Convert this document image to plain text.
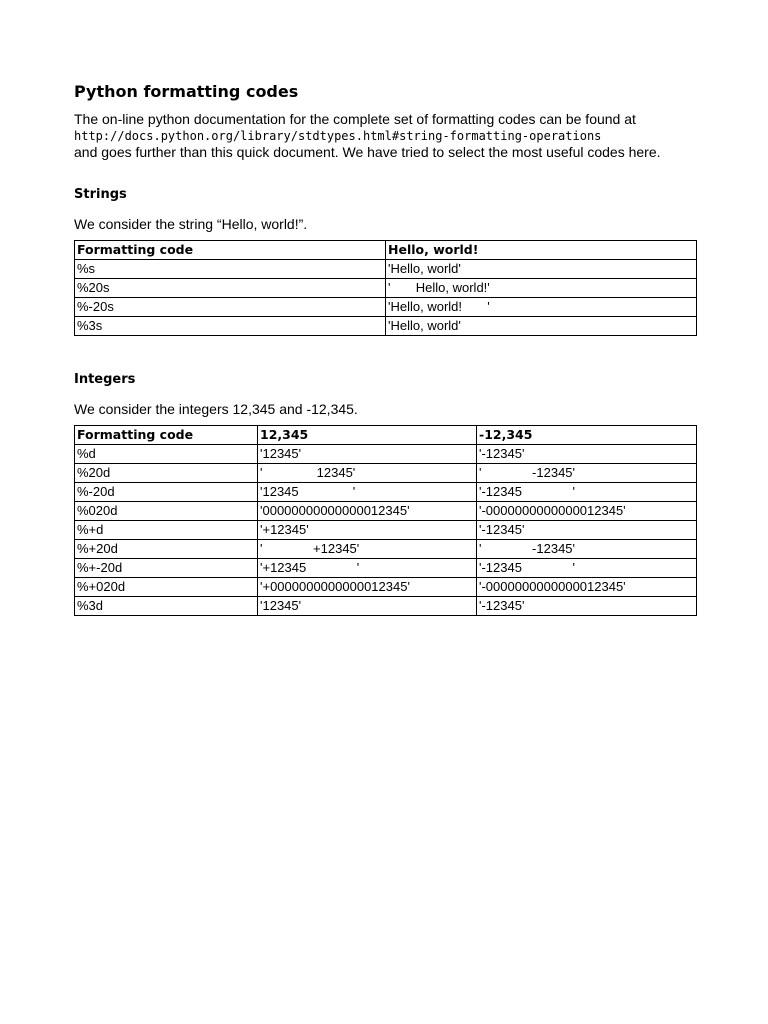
Python formatting codes

The on-line python documentation for the complete set of formatting codes can be found at

http://docs.python.org/library/stdtypes.html#string-formatting-operations

and goes further than this quick document. We have tried to select the most useful codes here.

Strings

We consider the string “Hello, world!”.

Formatting code	Hello, world!
%s	'Hello, world'
%20s	'       Hello, world!'
%-20s	'Hello, world!       '
%3s	'Hello, world'
Integers

We consider the integers 12,345 and -12,345.

Formatting code	12,345	-12,345
%d	'12345'	'-12345'
%20d	'               12345'	'              -12345'
%-20d	'12345               '	'-12345              '
%020d	'00000000000000012345'	'-0000000000000012345'
%+d	'+12345'	'-12345'
%+20d	'              +12345'	'              -12345'
%+-20d	'+12345              '	'-12345              '
%+020d	'+0000000000000012345'	'-0000000000000012345'
%3d	'12345'	'-12345'
